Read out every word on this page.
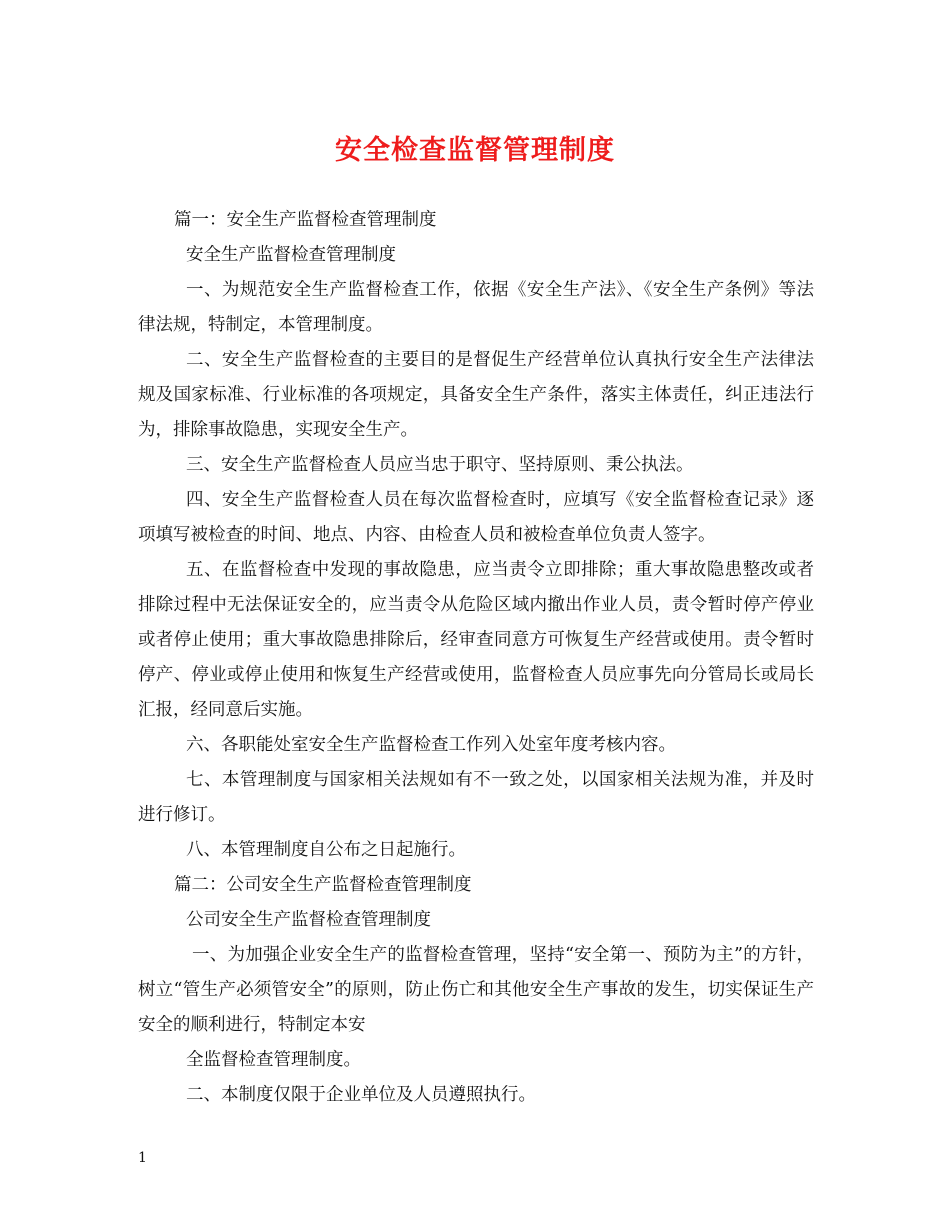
安全检查监督管理制度

篇一：安全生产监督检查管理制度

安全生产监督检查管理制度

一、为规范安全生产监督检查工作，依据《安全生产法》、《安全生产条例》等法律法规，特制定，本管理制度。

二、安全生产监督检查的主要目的是督促生产经营单位认真执行安全生产法律法规及国家标准、行业标准的各项规定，具备安全生产条件，落实主体责任，纠正违法行为，排除事故隐患，实现安全生产。

三、安全生产监督检查人员应当忠于职守、坚持原则、秉公执法。

四、安全生产监督检查人员在每次监督检查时，应填写《安全监督检查记录》逐项填写被检查的时间、地点、内容、由检查人员和被检查单位负责人签字。

五、在监督检查中发现的事故隐患，应当责令立即排除；重大事故隐患整改或者排除过程中无法保证安全的，应当责令从危险区域内撤出作业人员，责令暂时停产停业或者停止使用；重大事故隐患排除后，经审查同意方可恢复生产经营或使用。责令暂时停产、停业或停止使用和恢复生产经营或使用，监督检查人员应事先向分管局长或局长汇报，经同意后实施。

六、各职能处室安全生产监督检查工作列入处室年度考核内容。

七、本管理制度与国家相关法规如有不一致之处，以国家相关法规为准，并及时进行修订。

八、本管理制度自公布之日起施行。

篇二：公司安全生产监督检查管理制度

公司安全生产监督检查管理制度

一、为加强企业安全生产的监督检查管理，坚持“安全第一、预防为主”的方针，树立“管生产必须管安全”的原则，防止伤亡和其他安全生产事故的发生，切实保证生产安全的顺利进行，特制定本安

全监督检查管理制度。

二、本制度仅限于企业单位及人员遵照执行。

1
